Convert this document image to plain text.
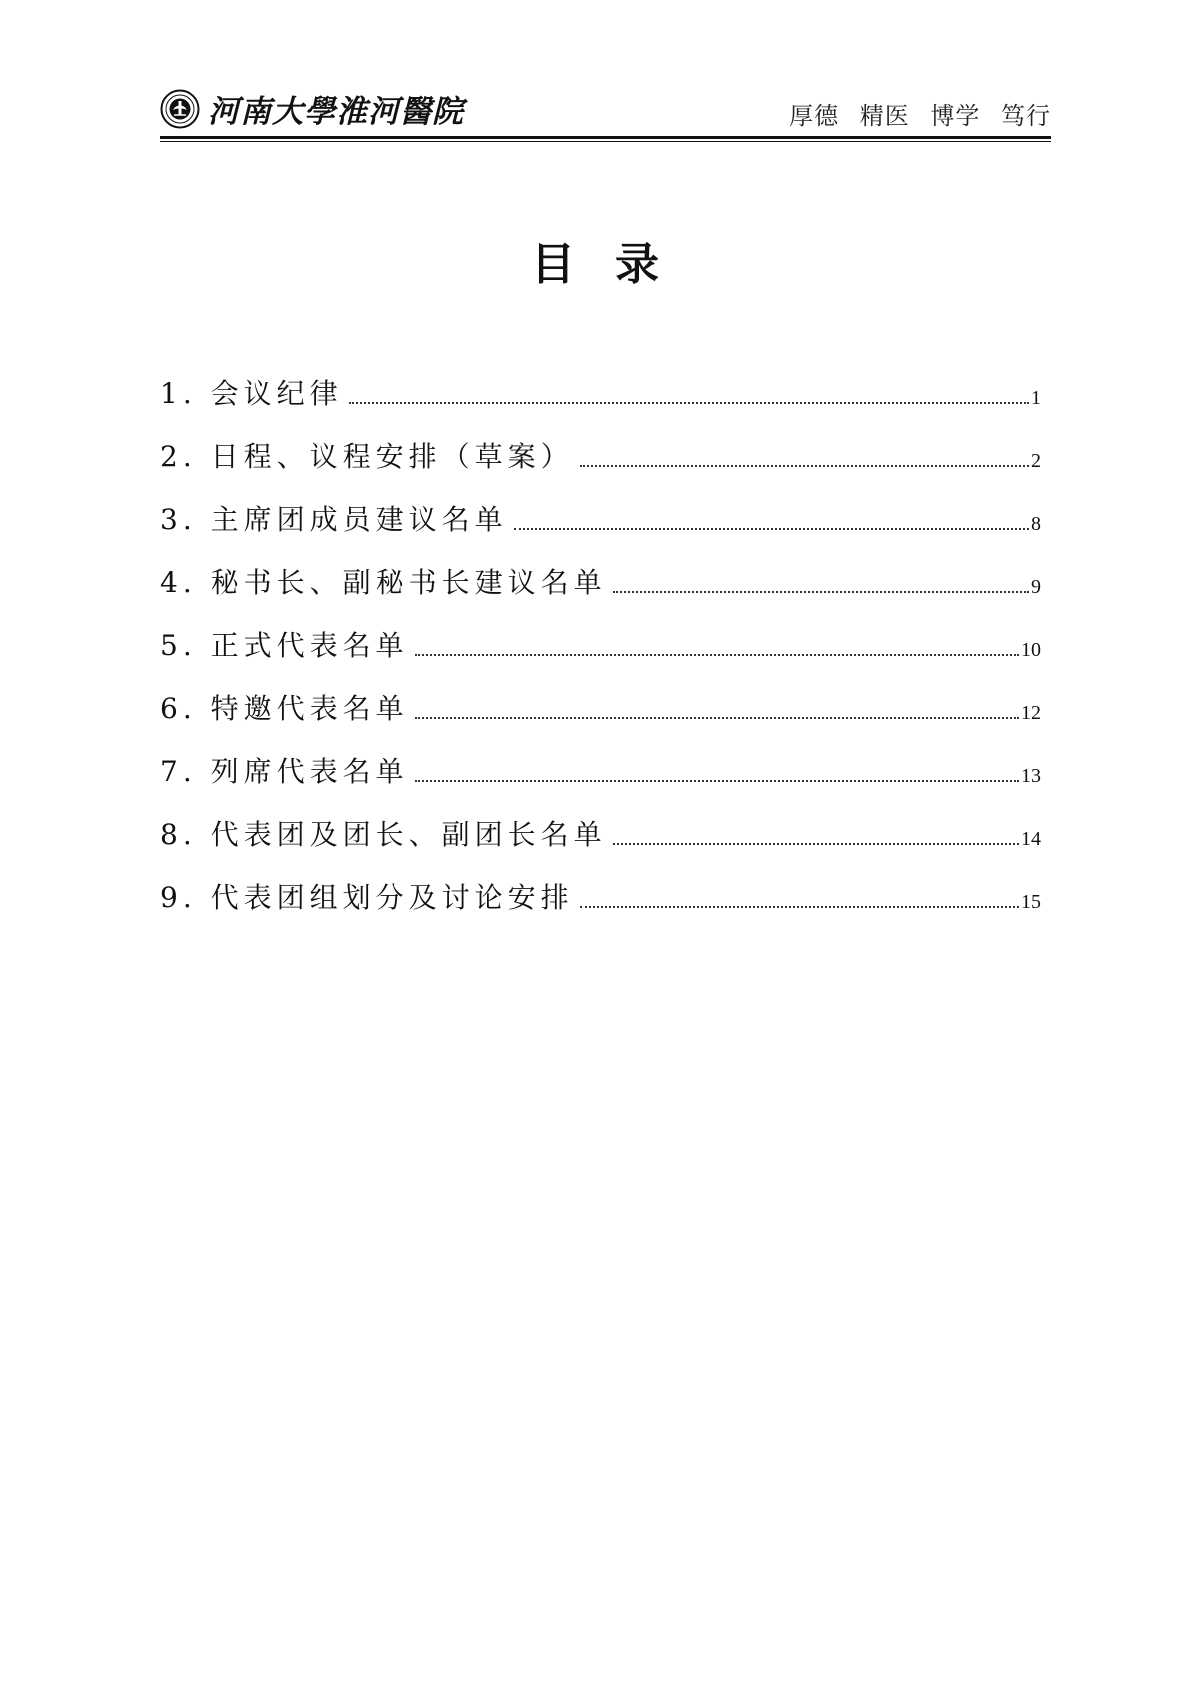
河南大學淮河醫院	厚德 精医 博学 笃行
目录
1. 会议纪律	1
2. 日程、议程安排（草案）	2
3. 主席团成员建议名单	8
4. 秘书长、副秘书长建议名单	9
5. 正式代表名单	10
6. 特邀代表名单	12
7. 列席代表名单	13
8. 代表团及团长、副团长名单	14
9. 代表团组划分及讨论安排	15
